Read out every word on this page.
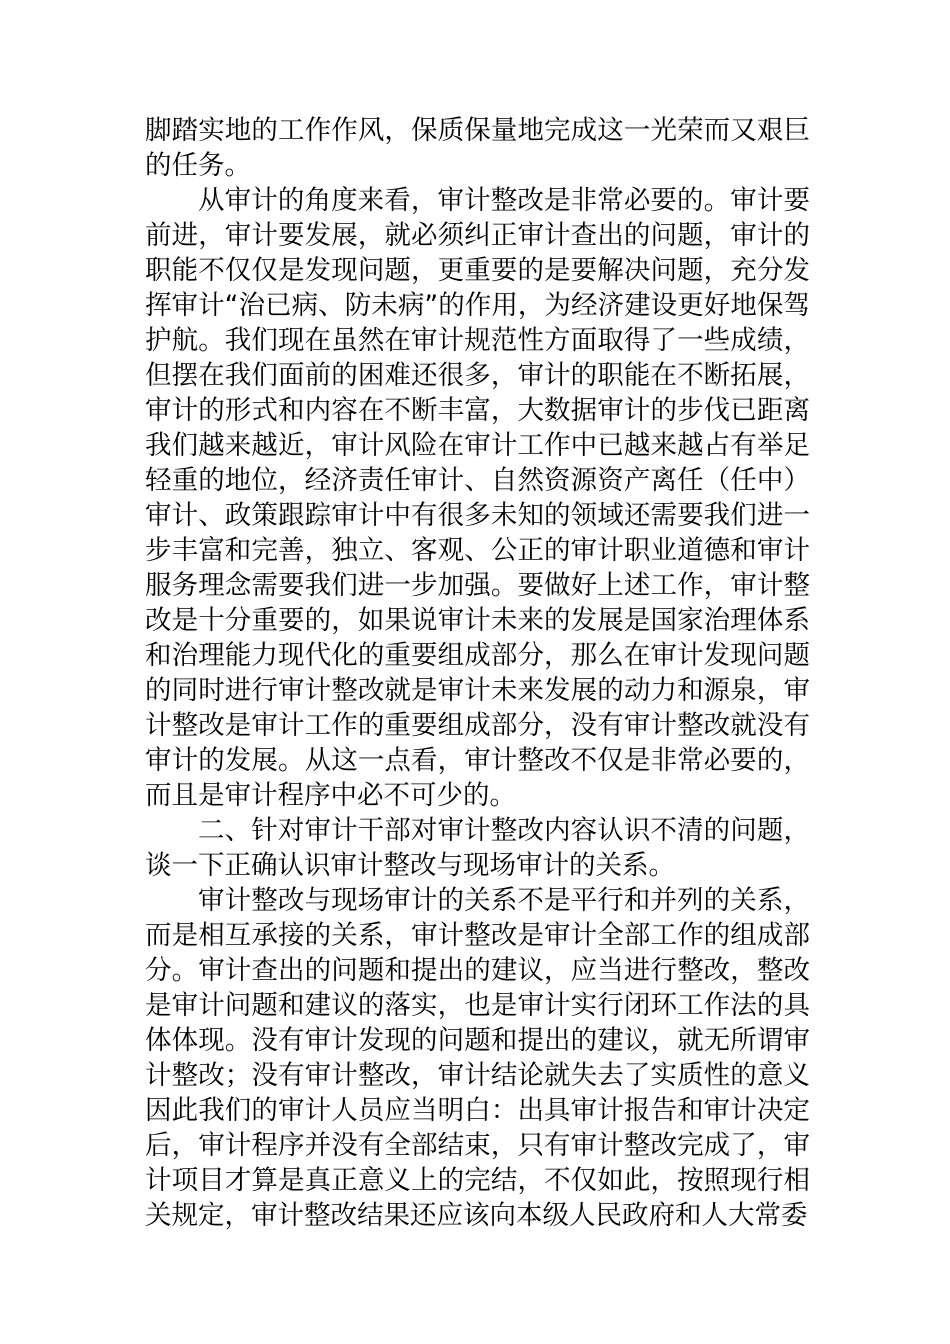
脚踏实地的工作作风，保质保量地完成这一光荣而又艰巨的任务。

从审计的角度来看，审计整改是非常必要的。审计要前进，审计要发展，就必须纠正审计查出的问题，审计的职能不仅仅是发现问题，更重要的是要解决问题，充分发挥审计“治已病、防未病”的作用，为经济建设更好地保驾护航。我们现在虽然在审计规范性方面取得了一些成绩，但摆在我们面前的困难还很多，审计的职能在不断拓展，审计的形式和内容在不断丰富，大数据审计的步伐已距离我们越来越近，审计风险在审计工作中已越来越占有举足轻重的地位，经济责任审计、自然资源资产离任（任中）审计、政策跟踪审计中有很多未知的领域还需要我们进一步丰富和完善，独立、客观、公正的审计职业道德和审计服务理念需要我们进一步加强。要做好上述工作，审计整改是十分重要的，如果说审计未来的发展是国家治理体系和治理能力现代化的重要组成部分，那么在审计发现问题的同时进行审计整改就是审计未来发展的动力和源泉，审计整改是审计工作的重要组成部分，没有审计整改就没有审计的发展。从这一点看，审计整改不仅是非常必要的，而且是审计程序中必不可少的。

二、针对审计干部对审计整改内容认识不清的问题，谈一下正确认识审计整改与现场审计的关系。

审计整改与现场审计的关系不是平行和并列的关系，而是相互承接的关系，审计整改是审计全部工作的组成部分。审计查出的问题和提出的建议，应当进行整改，整改是审计问题和建议的落实，也是审计实行闭环工作法的具体体现。没有审计发现的问题和提出的建议，就无所谓审计整改；没有审计整改，审计结论就失去了实质性的意义因此我们的审计人员应当明白：出具审计报告和审计决定后，审计程序并没有全部结束，只有审计整改完成了，审计项目才算是真正意义上的完结，不仅如此，按照现行相关规定，审计整改结果还应该向本级人民政府和人大常委
